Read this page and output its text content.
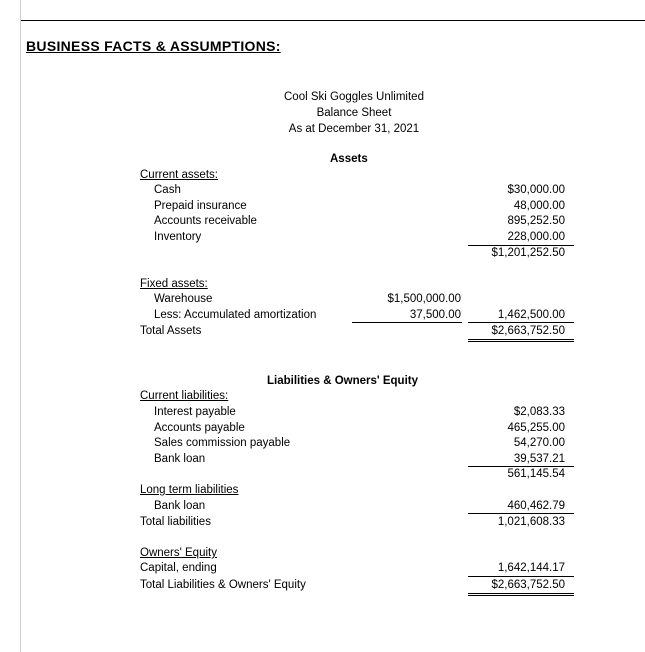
BUSINESS FACTS & ASSUMPTIONS:
Cool Ski Goggles Unlimited
Balance Sheet
As at December 31, 2021
Assets
Current assets:
Cash	$30,000.00
Prepaid insurance	48,000.00
Accounts receivable	895,252.50
Inventory	228,000.00
$1,201,252.50
Fixed assets:
Warehouse	$1,500,000.00
Less: Accumulated amortization	37,500.00	1,462,500.00
Total Assets	$2,663,752.50
Liabilities & Owners' Equity
Current liabilities:
Interest payable	$2,083.33
Accounts payable	465,255.00
Sales commission payable	54,270.00
Bank loan	39,537.21
561,145.54
Long term liabilities
Bank loan	460,462.79
Total liabilities	1,021,608.33
Owners' Equity
Capital, ending	1,642,144.17
Total Liabilities & Owners' Equity	$2,663,752.50
